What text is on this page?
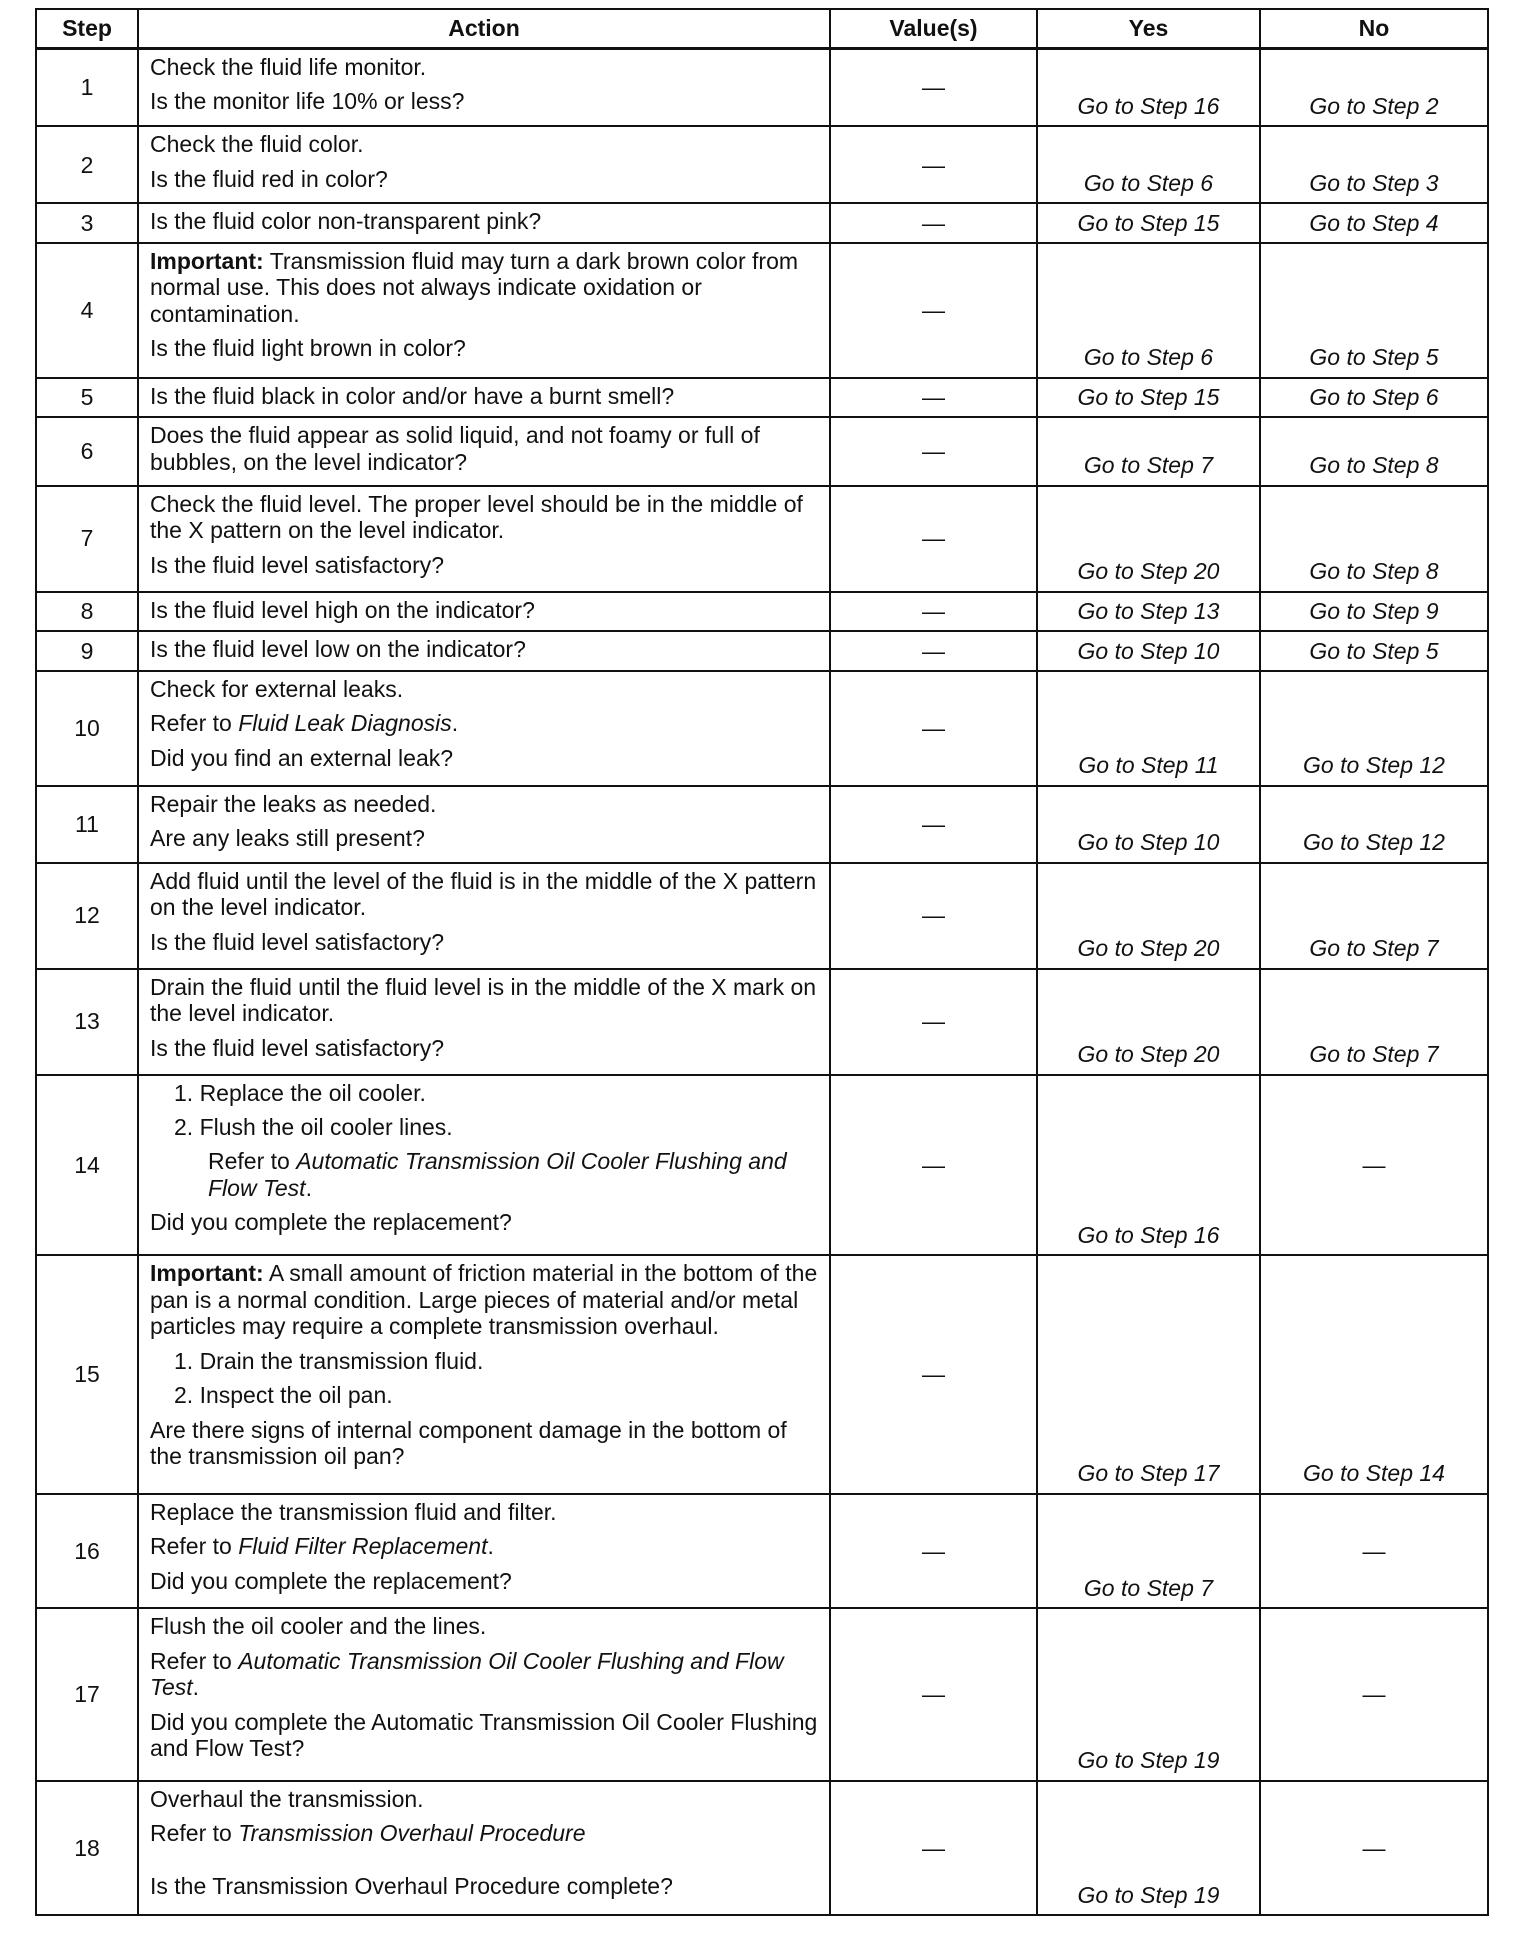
Step	Action	Value(s)	Yes	No
1	Check the fluid life monitor.
Is the monitor life 10% or less?	—	Go to Step 16	Go to Step 2
2	Check the fluid color.
Is the fluid red in color?	—	Go to Step 6	Go to Step 3
3	Is the fluid color non-transparent pink?	—	Go to Step 15	Go to Step 4
4	Important: Transmission fluid may turn a dark brown color from normal use. This does not always indicate oxidation or contamination.
Is the fluid light brown in color?	—	Go to Step 6	Go to Step 5
5	Is the fluid black in color and/or have a burnt smell?	—	Go to Step 15	Go to Step 6
6	Does the fluid appear as solid liquid, and not foamy or full of bubbles, on the level indicator?	—	Go to Step 7	Go to Step 8
7	Check the fluid level. The proper level should be in the middle of the X pattern on the level indicator.
Is the fluid level satisfactory?	—	Go to Step 20	Go to Step 8
8	Is the fluid level high on the indicator?	—	Go to Step 13	Go to Step 9
9	Is the fluid level low on the indicator?	—	Go to Step 10	Go to Step 5
10	Check for external leaks.
Refer to Fluid Leak Diagnosis.
Did you find an external leak?	—	Go to Step 11	Go to Step 12
11	Repair the leaks as needed.
Are any leaks still present?	—	Go to Step 10	Go to Step 12
12	Add fluid until the level of the fluid is in the middle of the X pattern on the level indicator.
Is the fluid level satisfactory?	—	Go to Step 20	Go to Step 7
13	Drain the fluid until the fluid level is in the middle of the X mark on the level indicator.
Is the fluid level satisfactory?	—	Go to Step 20	Go to Step 7
14	1. Replace the oil cooler.
2. Flush the oil cooler lines.
Refer to Automatic Transmission Oil Cooler Flushing and Flow Test.
Did you complete the replacement?	—	Go to Step 16	—
15	Important: A small amount of friction material in the bottom of the pan is a normal condition. Large pieces of material and/or metal particles may require a complete transmission overhaul.
1. Drain the transmission fluid.
2. Inspect the oil pan.
Are there signs of internal component damage in the bottom of the transmission oil pan?	—	Go to Step 17	Go to Step 14
16	Replace the transmission fluid and filter.
Refer to Fluid Filter Replacement.
Did you complete the replacement?	—	Go to Step 7	—
17	Flush the oil cooler and the lines.
Refer to Automatic Transmission Oil Cooler Flushing and Flow Test.
Did you complete the Automatic Transmission Oil Cooler Flushing and Flow Test?	—	Go to Step 19	—
18	Overhaul the transmission.
Refer to Transmission Overhaul Procedure
Is the Transmission Overhaul Procedure complete?	—	Go to Step 19	—
